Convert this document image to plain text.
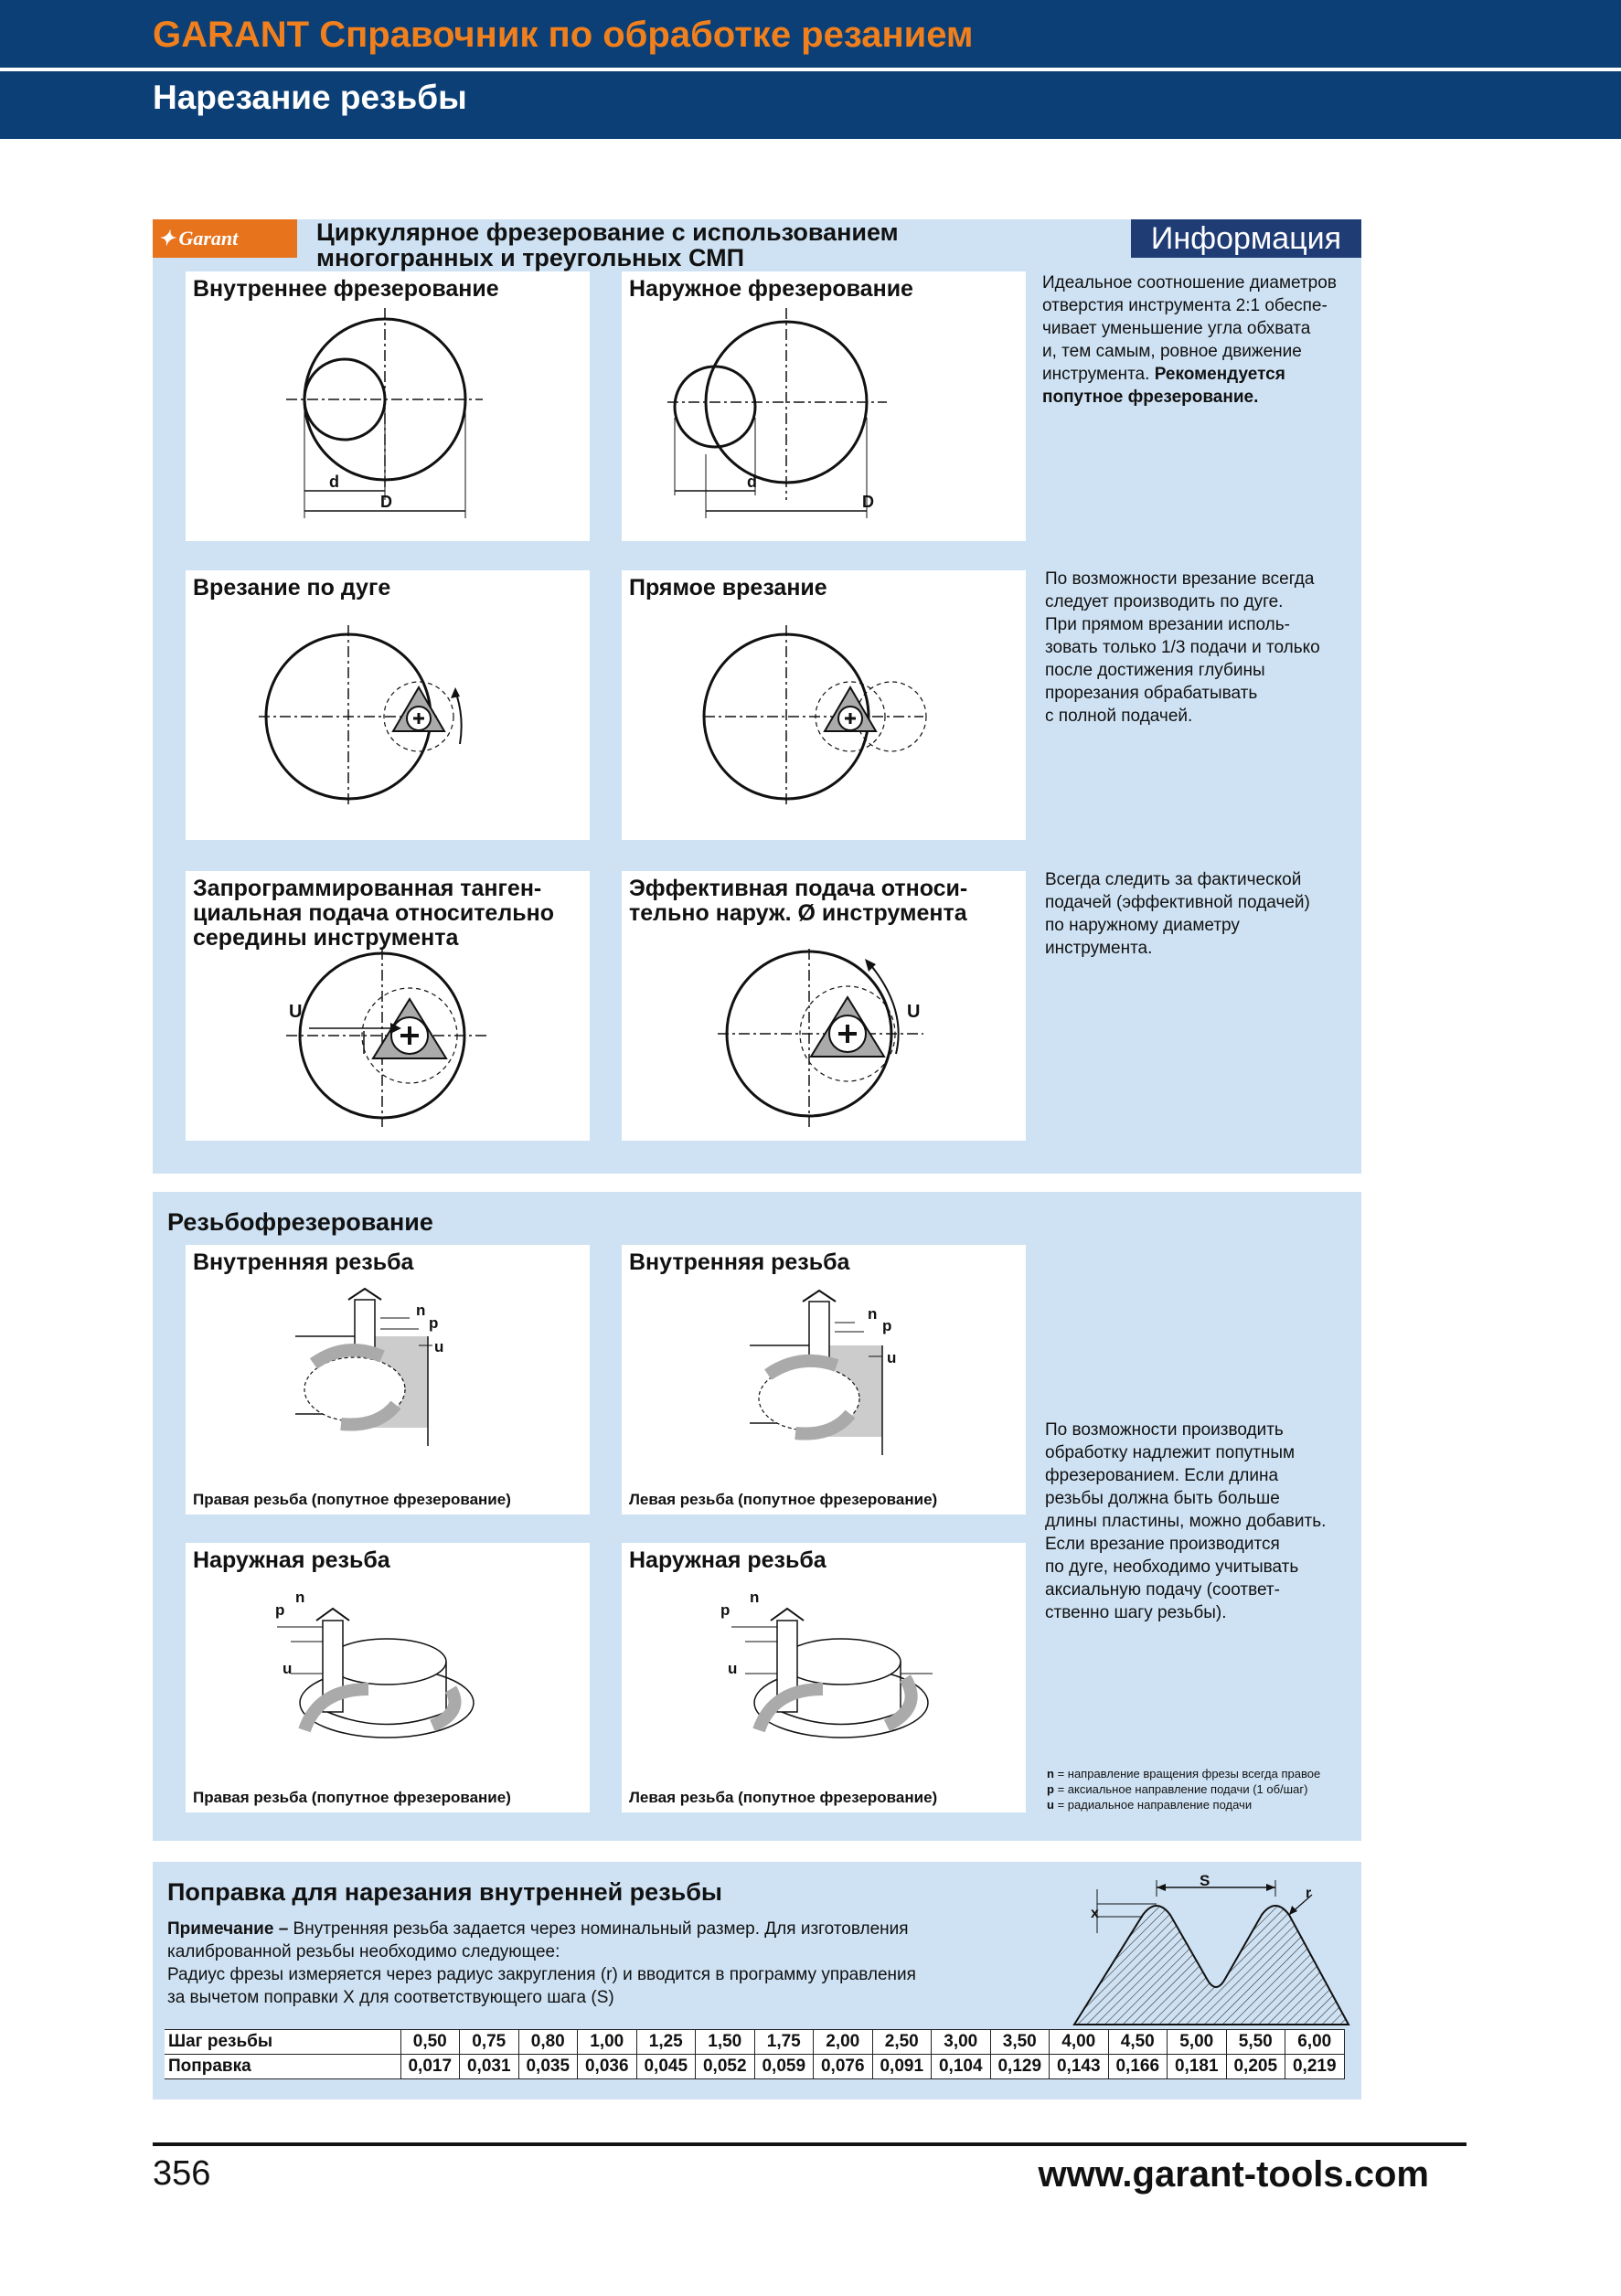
GARANT Справочник по обработке резанием
Нарезание резьбы
✦ Garant	Циркулярное фрезерование с использованием
многогранных и треугольных СМП
Информация
Внутреннее фрезерование
d
D
Наружное фрезерование
d
D
Идеальное соотношение диаметров
отверстия инструмента 2:1 обеспе-
чивает уменьшение угла обхвата
и, тем самым, ровное движение
инструмента. Рекомендуется
попутное фрезерование.
Врезание по дуге	Прямое врезание	По возможности врезание всегда
следует производить по дуге.
При прямом врезании исполь-
зовать только 1/3 подачи и только
после достижения глубины
прорезания обрабатывать
с полной подачей.
Запрограммированная танген-
циальная подача относительно
середины инструмента
U
Эффективная подача относи-
тельно наруж. Ø инструмента
U
Всегда следить за фактической
подачей (эффективной подачей)
по наружному диаметру
инструмента.
Резьбофрезерование
Внутренняя резьба
n
p
u
Правая резьба (попутное фрезерование)
Внутренняя резьба
n
p
u
Левая резьба (попутное фрезерование)
Наружная резьба
n
p
u
Правая резьба (попутное фрезерование)
Наружная резьба
n
p
u
Левая резьба (попутное фрезерование)
По возможности производить
обработку надлежит попутным
фрезерованием. Если длина
резьбы должна быть больше
длины пластины, можно добавить.
Если врезание производится
по дуге, необходимо учитывать
аксиальную подачу (соответ-
ственно шагу резьбы).
n = направление вращения фрезы всегда правое
p = аксиальное направление подачи (1 об/шаг)
u = радиальное направление подачи
Поправка для нарезания внутренней резьбы
Примечание – Внутренняя резьба задается через номинальный размер. Для изготовления
калиброванной резьбы необходимо следующее:
Радиус фрезы измеряется через радиус закругления (r) и вводится в программу управления
за вычетом поправки X для соответствующего шага (S)
S
r
x
Шаг резьбы	0,50	0,75	0,80	1,00	1,25	1,50	1,75	2,00	2,50	3,00	3,50	4,00	4,50	5,00	5,50	6,00
Поправка	0,017	0,031	0,035	0,036	0,045	0,052	0,059	0,076	0,091	0,104	0,129	0,143	0,166	0,181	0,205	0,219
356	www.garant-tools.com
